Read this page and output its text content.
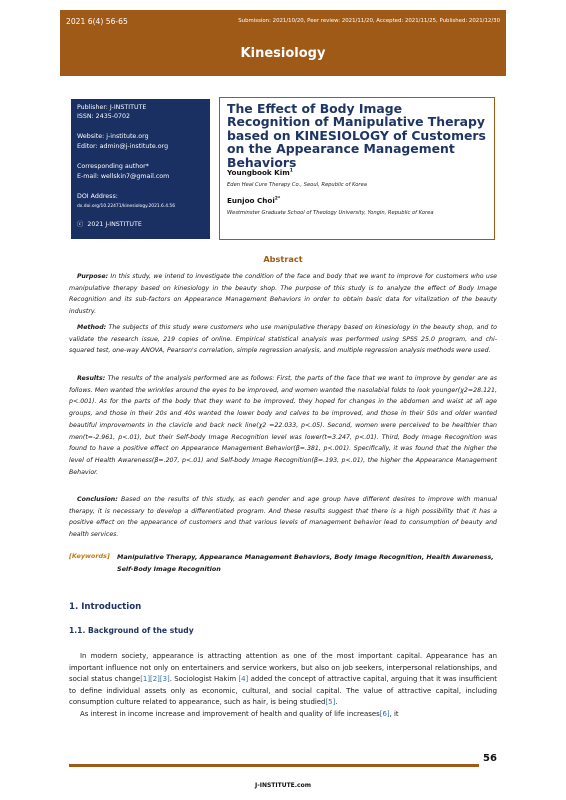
2021 6(4) 56-65	Submission: 2021/10/20, Peer review: 2021/11/20, Accepted: 2021/11/25, Published: 2021/12/30
Kinesiology
Publisher: J-INSTITUTE
ISSN: 2435-0702
Website: j-institute.org
Editor: admin@j-institute.org
Corresponding author*
E-mail: wellskin7@gmail.com
DOI Address:
dx.doi.org/10.22471/kinesiology.2021.6.4.56
ⓒ 2021 J-INSTITUTE
The Effect of Body Image Recognition of Manipulative Therapy based on KINESIOLOGY of Customers on the Appearance Management Behaviors
Youngbook Kim$^1$
Eden Heal Cure Therapy Co., Seoul, Republic of Korea
Eunjoo Choi$^{2*}$
Westminster Graduate School of Theology University, Yongin, Republic of Korea
Abstract

Purpose: In this study, we intend to investigate the condition of the face and body that we want to improve for customers who use manipulative therapy based on kinesiology in the beauty shop. The purpose of this study is to analyze the effect of Body Image Recognition and its sub-factors on Appearance Management Behaviors in order to obtain basic data for vitalization of the beauty industry.

Method: The subjects of this study were customers who use manipulative therapy based on kinesiology in the beauty shop, and to validate the research issue, 219 copies of online. Empirical statistical analysis was performed using SPSS 25.0 program, and chi-squared test, one-way ANOVA, Pearson's correlation, simple regression analysis, and multiple regression analysis methods were used.

Results: The results of the analysis performed are as follows: First, the parts of the face that we want to improve by gender are as follows. Men wanted the wrinkles around the eyes to be improved, and women wanted the nasolabial folds to look younger(χ2=28.121, p<.001). As for the parts of the body that they want to be improved, they hoped for changes in the abdomen and waist at all age groups, and those in their 20s and 40s wanted the lower body and calves to be improved, and those in their 50s and older wanted beautiful improvements in the clavicle and back neck line(χ2 =22.033, p<.05). Second, women were perceived to be healthier than men(t=-2.961, p<.01), but their Self-body Image Recognition level was lower(t=3.247, p<.01). Third, Body Image Recognition was found to have a positive effect on Appearance Management Behavior(β=.381, p<.001). Specifically, it was found that the higher the level of Health Awareness(β=.207, p<.01) and Self-body Image Recognition(β=.193, p<.01), the higher the Appearance Management Behavior.

Conclusion: Based on the results of this study, as each gender and age group have different desires to improve with manual therapy, it is necessary to develop a differentiated program. And these results suggest that there is a high possibility that it has a positive effect on the appearance of customers and that various levels of management behavior lead to consumption of beauty and health services.

[Keywords] Manipulative Therapy, Appearance Management Behaviors, Body Image Recognition, Health Awareness, Self-Body Image Recognition

1. Introduction
1.1. Background of the study

In modern society, appearance is attracting attention as one of the most important capital. Appearance has an important influence not only on entertainers and service workers, but also on job seekers, interpersonal relationships, and social status change[1][2][3]. Sociologist Hakim [4] added the concept of attractive capital, arguing that it was insufficient to define individual assets only as economic, cultural, and social capital. The value of attractive capital, including consumption culture related to appearance, such as hair, is being studied[5].

As interest in income increase and improvement of health and quality of life increases[6], it

56
J-INSTITUTE.com
